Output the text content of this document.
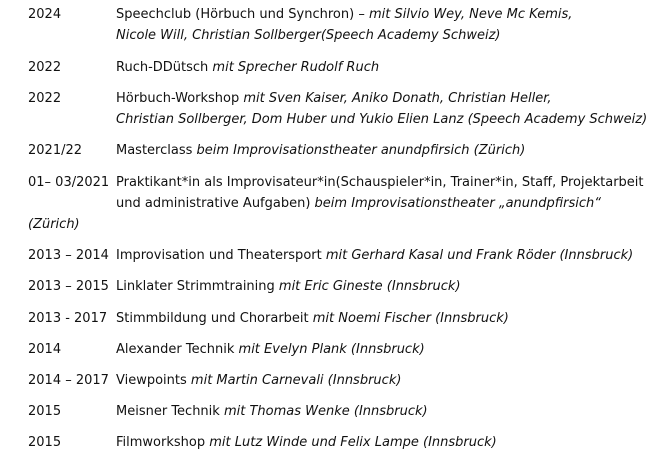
2024	Speechclub (Hörbuch und Synchron) – mit Silvio Wey, Neve Mc Kemis,
Nicole Will, Christian Sollberger(Speech Academy Schweiz)
2022	Ruch-DDütsch mit Sprecher Rudolf Ruch
2022	Hörbuch-Workshop mit Sven Kaiser, Aniko Donath, Christian Heller,
Christian Sollberger, Dom Huber und Yukio Elien Lanz (Speech Academy Schweiz)
2021/22	Masterclass beim Improvisationstheater anundpfirsich (Zürich)
01– 03/2021 Praktikant*in als Improvisateur*in(Schauspieler*in, Trainer*in, Staff, Projektarbeit
und administrative Aufgaben) beim Improvisationstheater „anundpfirsich“
(Zürich)
2013 – 2014 Improvisation und Theatersport mit Gerhard Kasal und Frank Röder (Innsbruck)
2013 – 2015 Linklater Strimmtraining mit Eric Gineste (Innsbruck)
2013 - 2017 Stimmbildung und Chorarbeit mit Noemi Fischer (Innsbruck)
2014	Alexander Technik mit Evelyn Plank (Innsbruck)
2014 – 2017 Viewpoints mit Martin Carnevali (Innsbruck)
2015	Meisner Technik mit Thomas Wenke (Innsbruck)
2015	Filmworkshop mit Lutz Winde und Felix Lampe (Innsbruck)
